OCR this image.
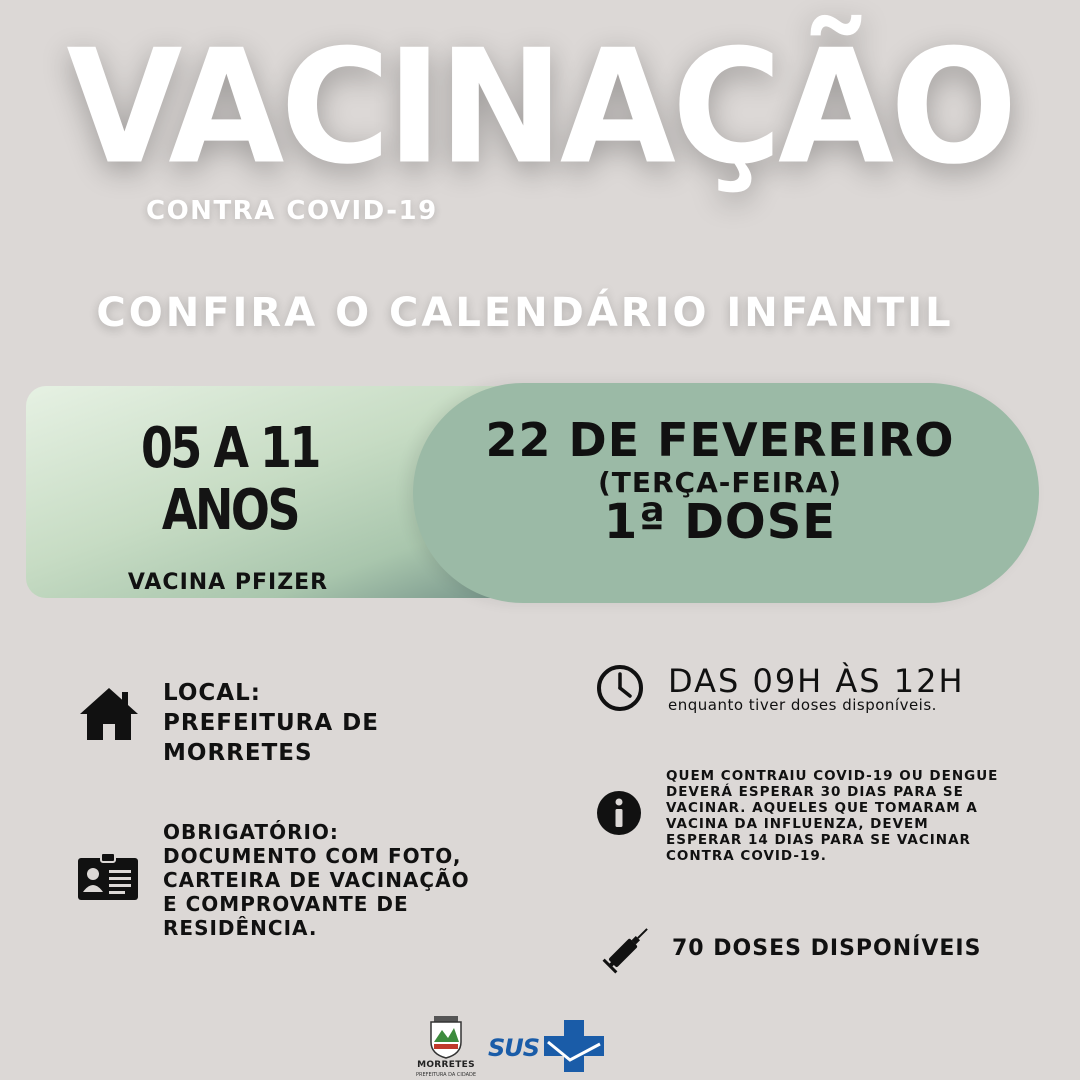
VACINAÇÃO
CONTRA COVID-19
CONFIRA O CALENDÁRIO INFANTIL
05 A 11
ANOS
VACINA PFIZER
22 DE FEVEREIRO
(TERÇA-FEIRA)
1ª DOSE
LOCAL:
PREFEITURA DE
MORRETES
OBRIGATÓRIO:
DOCUMENTO COM FOTO,
CARTEIRA DE VACINAÇÃO
E COMPROVANTE DE
RESIDÊNCIA.
DAS 09H ÀS 12H
enquanto tiver doses disponíveis.
QUEM CONTRAIU COVID-19 OU DENGUE
DEVERÁ ESPERAR 30 DIAS PARA SE
VACINAR. AQUELES QUE TOMARAM A
VACINA DA INFLUENZA, DEVEM
ESPERAR 14 DIAS PARA SE VACINAR
CONTRA COVID-19.
70 DOSES DISPONÍVEIS
MORRETES
PREFEITURA DA CIDADE
SUS
